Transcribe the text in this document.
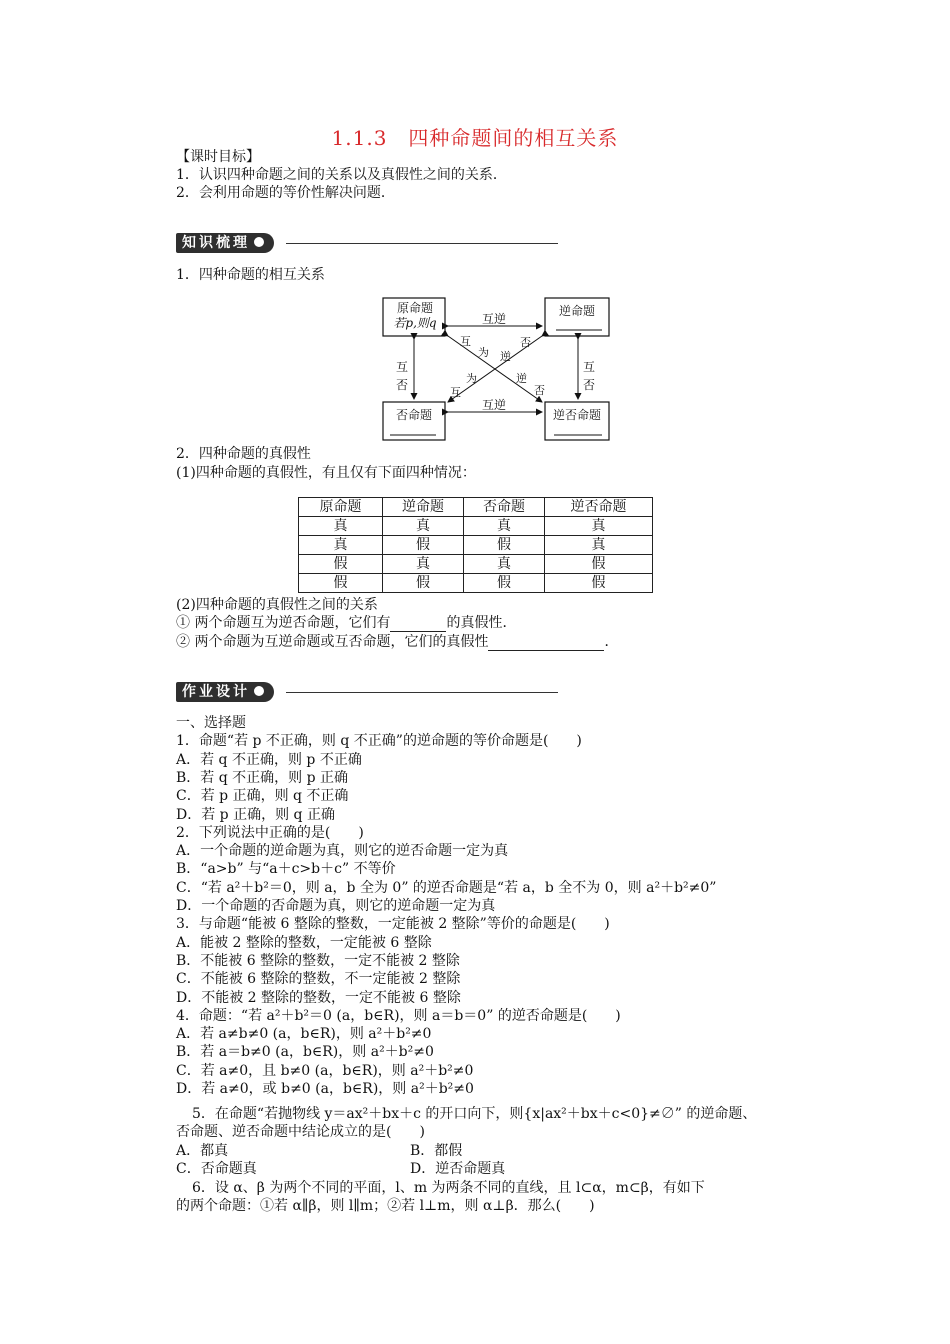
1.1.3　四种命题间的相互关系
【课时目标】
1．认识四种命题之间的关系以及真假性之间的关系．
2．会利用命题的等价性解决问题．
知识梳理
1．四种命题的相互关系
原命题
若p,则q
逆命题
否命题	逆否命题
互逆
互逆
互
否
互
否
互
为 逆
否
为
互
逆
否
2．四种命题的真假性
(1)四种命题的真假性，有且仅有下面四种情况：
原命题	逆命题	否命题	逆否命题
真	真	真	真
真	假	假	真
假	真	真	假
假	假	假	假
(2)四种命题的真假性之间的关系
① 两个命题互为逆否命题，它们有	的真假性．
② 两个命题为互逆命题或互否命题，它们的真假性	．
作业设计
一、选择题
1．命题“若 p 不正确，则 q 不正确”的逆命题的等价命题是(　　)
A．若 q 不正确，则 p 不正确
B．若 q 不正确，则 p 正确
C．若 p 正确，则 q 不正确
D．若 p 正确，则 q 正确
2．下列说法中正确的是(　　)
A．一个命题的逆命题为真，则它的逆否命题一定为真
B．“a>b” 与“a＋c>b＋c” 不等价
C．“若 a²＋b²＝0，则 a，b 全为 0” 的逆否命题是“若 a，b 全不为 0，则 a²＋b²≠0”
D．一个命题的否命题为真，则它的逆命题一定为真
3．与命题“能被 6 整除的整数，一定能被 2 整除”等价的命题是(　　)
A．能被 2 整除的整数，一定能被 6 整除
B．不能被 6 整除的整数，一定不能被 2 整除
C．不能被 6 整除的整数，不一定能被 2 整除
D．不能被 2 整除的整数，一定不能被 6 整除
4．命题：“若 a²＋b²＝0 (a，b∈R)，则 a＝b＝0” 的逆否命题是(　　)
A．若 a≠b≠0 (a，b∈R)，则 a²＋b²≠0
B．若 a＝b≠0 (a，b∈R)，则 a²＋b²≠0
C．若 a≠0，且 b≠0 (a，b∈R)，则 a²＋b²≠0
D．若 a≠0，或 b≠0 (a，b∈R)，则 a²＋b²≠0
5．在命题“若抛物线 y＝ax²＋bx＋c 的开口向下，则{x|ax²＋bx＋c<0}≠∅” 的逆命题、
否命题、逆否命题中结论成立的是(　　)
A．都真	B．都假
C．否命题真	D．逆否命题真
6．设 α、β 为两个不同的平面，l、m 为两条不同的直线，且 l⊂α，m⊂β，有如下
的两个命题：①若 α∥β，则 l∥m；②若 l⊥m，则 α⊥β．那么(　　)
